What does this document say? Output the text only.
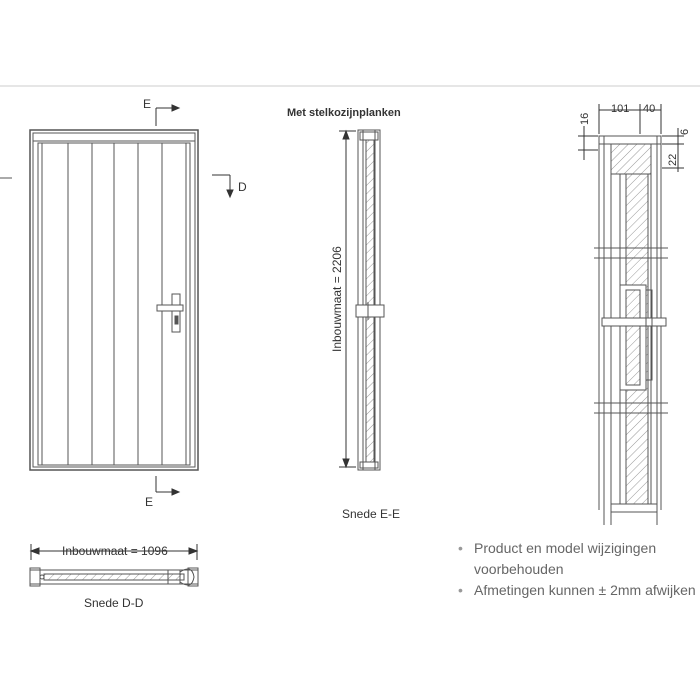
E
E
D
Met stelkozijnplanken
Inbouwmaat = 2206
Snede E-E
Inbouwmaat = 1096
Snede D-D
101 40
16
6
22
• Product en model wijzigingen
voorbehouden
• Afmetingen kunnen ± 2mm afwijken
